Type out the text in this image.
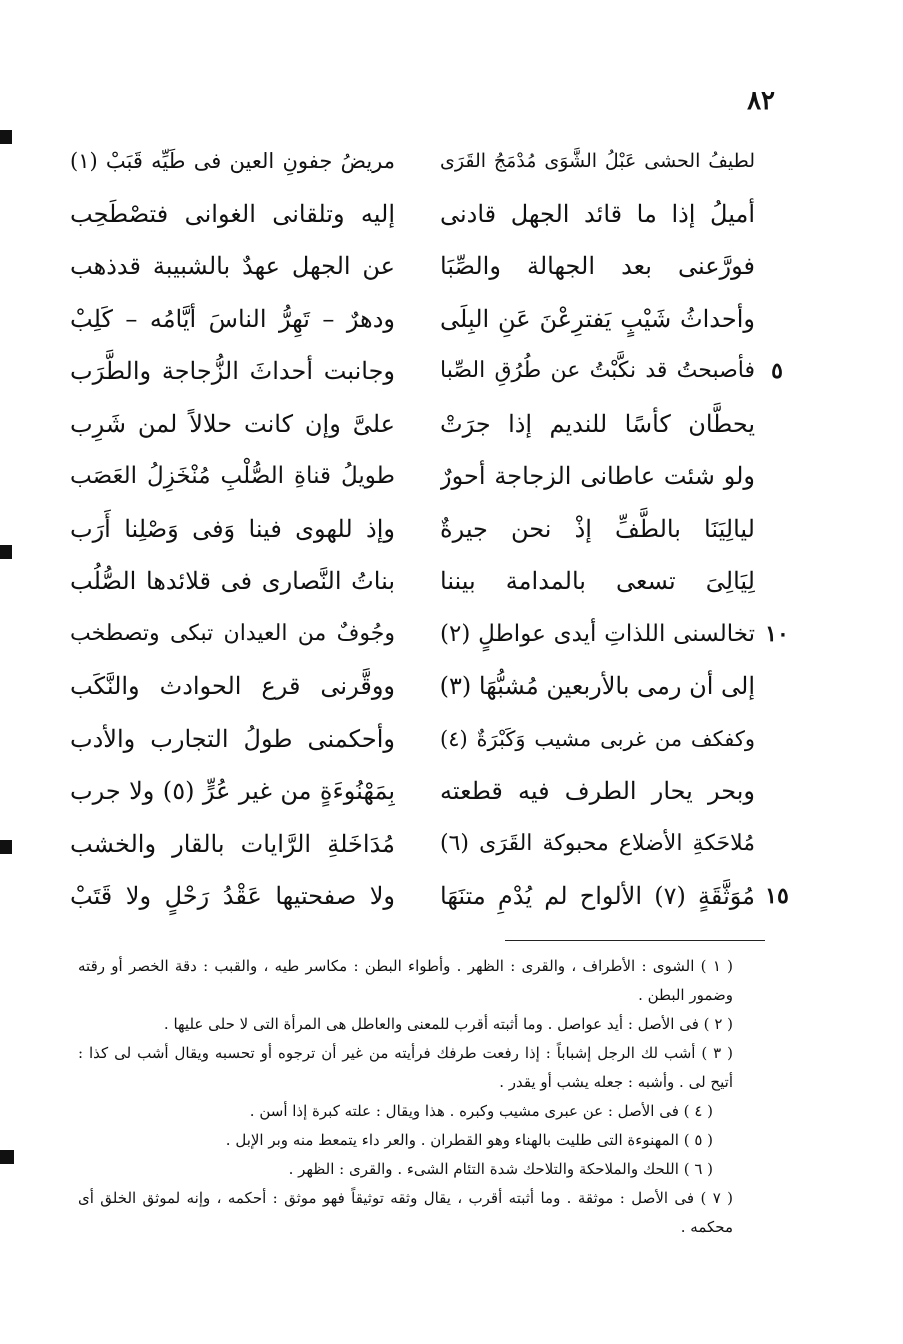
٨٢
لطيفُ الحشى عَبْلُ الشَّوَى مُدْمَجُ القَرَى
مريضُ جفونِ العين فى طَيِّه قَبَبْ (١)
أميلُ إذا ما قائد الجهل قادنى
إليه وتلقانى الغوانى فتصْطَحِب
فورَّعنى بعد الجهالة والصِّبَا
عن الجهل عهدٌ بالشبيبة قدذهب
وأحداثُ شَيْبٍ يَفترِعْنَ عَنِ البِلَى
ودهرٌ – تَهِرُّ الناسَ أيَّامُه – كَلِبْ
٥
فأصبحتُ قد نكَّبْتُ عن طُرُقِ الصِّبا
وجانبت أحداثَ الزُّجاجة والطَّرَب
يحطَّان كأسًا للنديم إذا جرَتْ
علىَّ وإن كانت حلالاً لمن شَرِب
ولو شئت عاطانى الزجاجة أحورٌ
طويلُ قناةِ الصُّلْبِ مُنْخَزِلُ العَصَب
ليالِيَنَا بالطَّفِّ إذْ نحن جيرةٌ
وإذ للهوى فينا وَفى وَصْلِنا أَرَب
لِيَالِىَ تسعى بالمدامة بيننا
بناتُ النَّصارى فى قلائدها الصُّلُب
١٠
تخالسنى اللذاتِ أيدى عواطلٍ (٢)
وجُوفٌ من العيدان تبكى وتصطخب
إلى أن رمى بالأربعين مُشبُّهَا (٣)
ووقَّرنى قرع الحوادث والنَّكَب
وكفكف من غربى مشيب وَكَبْرَةٌ (٤)
وأحكمنى طولُ التجارب والأدب
وبحر يحار الطرف فيه قطعته
بِمَهْنُوءَةٍ من غير عُرٍّ (٥) ولا جرب
مُلاحَكةِ الأضلاع محبوكة القَرَى (٦)
مُدَاخَلةِ الرَّايات بالقار والخشب
١٥
مُوَثَّقَةٍ (٧) الألواح لم يُدْمِ متنَهَا
ولا صفحتيها عَقْدُ رَحْلٍ ولا قَتَبْ

( ١ ) الشوى : الأطراف ، والقرى : الظهر . وأطواء البطن : مكاسر طيه ، والقبب : دقة الخصر أو رقته وضمور البطن .

( ٢ ) فى الأصل : أيد عواصل . وما أثبته أقرب للمعنى والعاطل هى المرأة التى لا حلى عليها .

( ٣ ) أشب لك الرجل إشباباً : إذا رفعت طرفك فرأيته من غير أن ترجوه أو تحسبه ويقال أشب لى كذا : أتيح لى . وأشبه : جعله يشب أو يقدر .

( ٤ ) فى الأصل : عن عبرى مشيب وكبره . هذا ويقال : علته كبرة إذا أسن .

( ٥ ) المهنوءة التى طليت بالهناء وهو القطران . والعر داء يتمعط منه وبر الإبل .

( ٦ ) اللحك والملاحكة والتلاحك شدة التئام الشىء . والقرى : الظهر .

( ٧ ) فى الأصل : موثقة . وما أثبته أقرب ، يقال وثقه توثيقاً فهو موثق : أحكمه ، وإنه لموثق الخلق أى محكمه .
